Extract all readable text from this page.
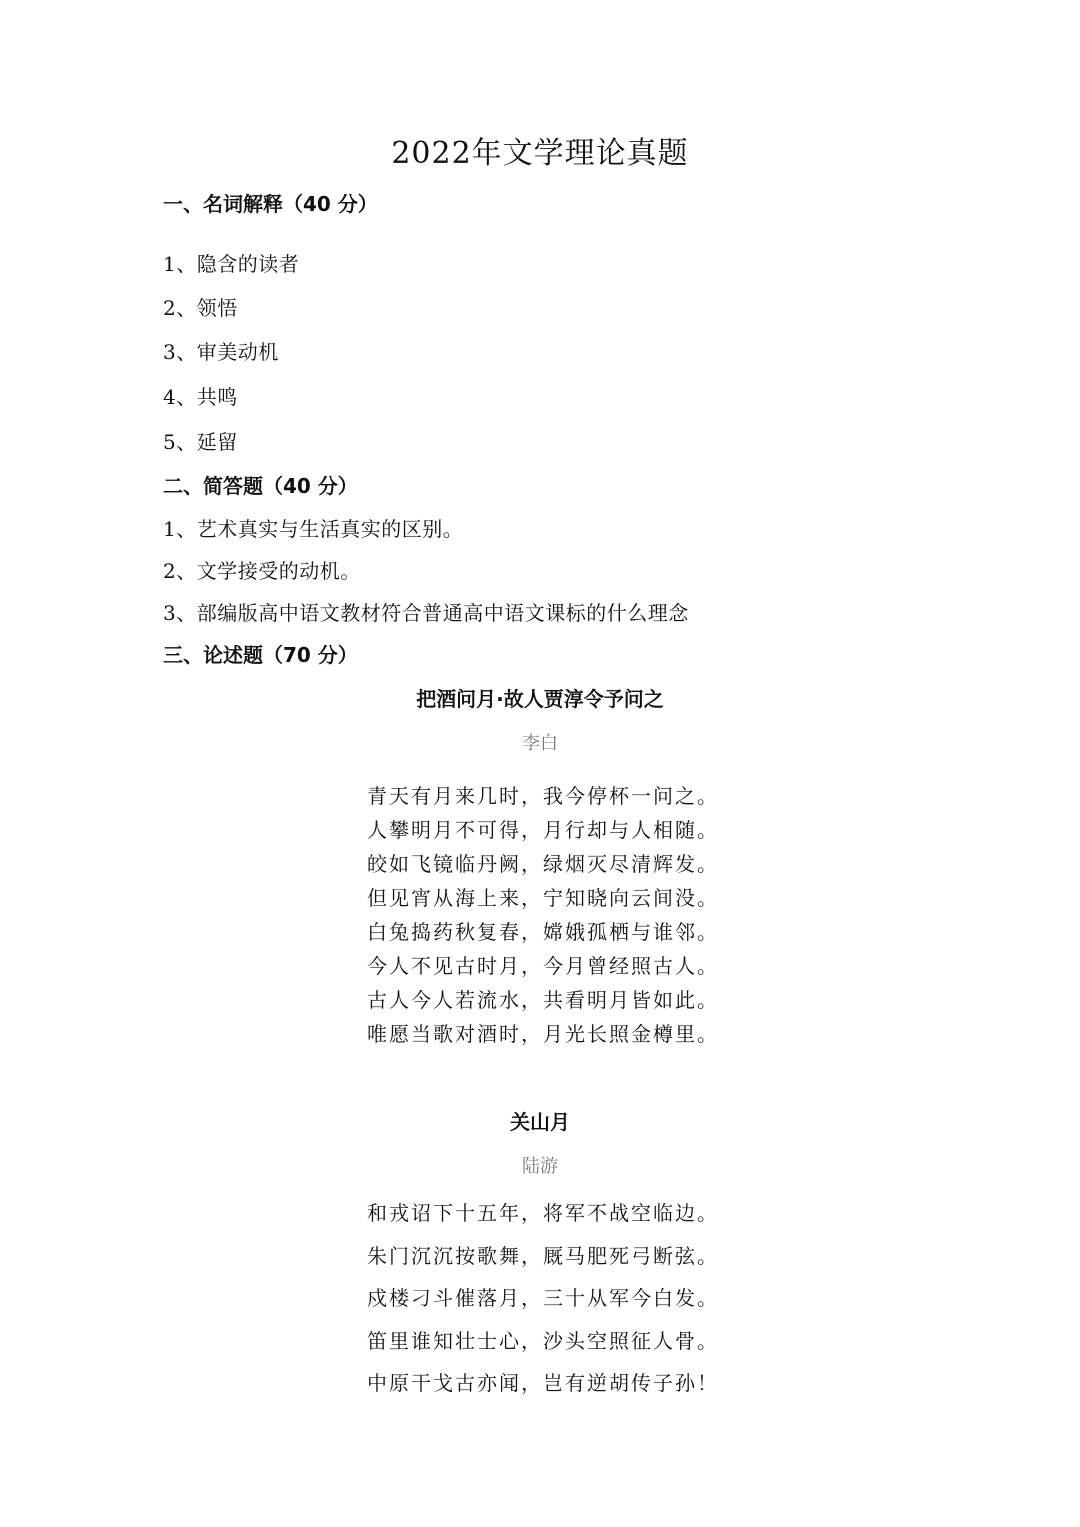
2022年文学理论真题
一、名词解释（40 分）
1、隐含的读者
2、领悟
3、审美动机
4、共鸣
5、延留
二、简答题（40 分）
1、艺术真实与生活真实的区别。
2、文学接受的动机。
3、部编版高中语文教材符合普通高中语文课标的什么理念
三、论述题（70 分）
把酒问月·故人贾淳令予问之
李白
青天有月来几时，我今停杯一问之。
人攀明月不可得，月行却与人相随。
皎如飞镜临丹阙，绿烟灭尽清辉发。
但见宵从海上来，宁知晓向云间没。
白兔捣药秋复春，嫦娥孤栖与谁邻。
今人不见古时月，今月曾经照古人。
古人今人若流水，共看明月皆如此。
唯愿当歌对酒时，月光长照金樽里。
关山月
陆游
和戎诏下十五年，将军不战空临边。
朱门沉沉按歌舞，厩马肥死弓断弦。
戍楼刁斗催落月，三十从军今白发。
笛里谁知壮士心，沙头空照征人骨。
中原干戈古亦闻，岂有逆胡传子孙！
